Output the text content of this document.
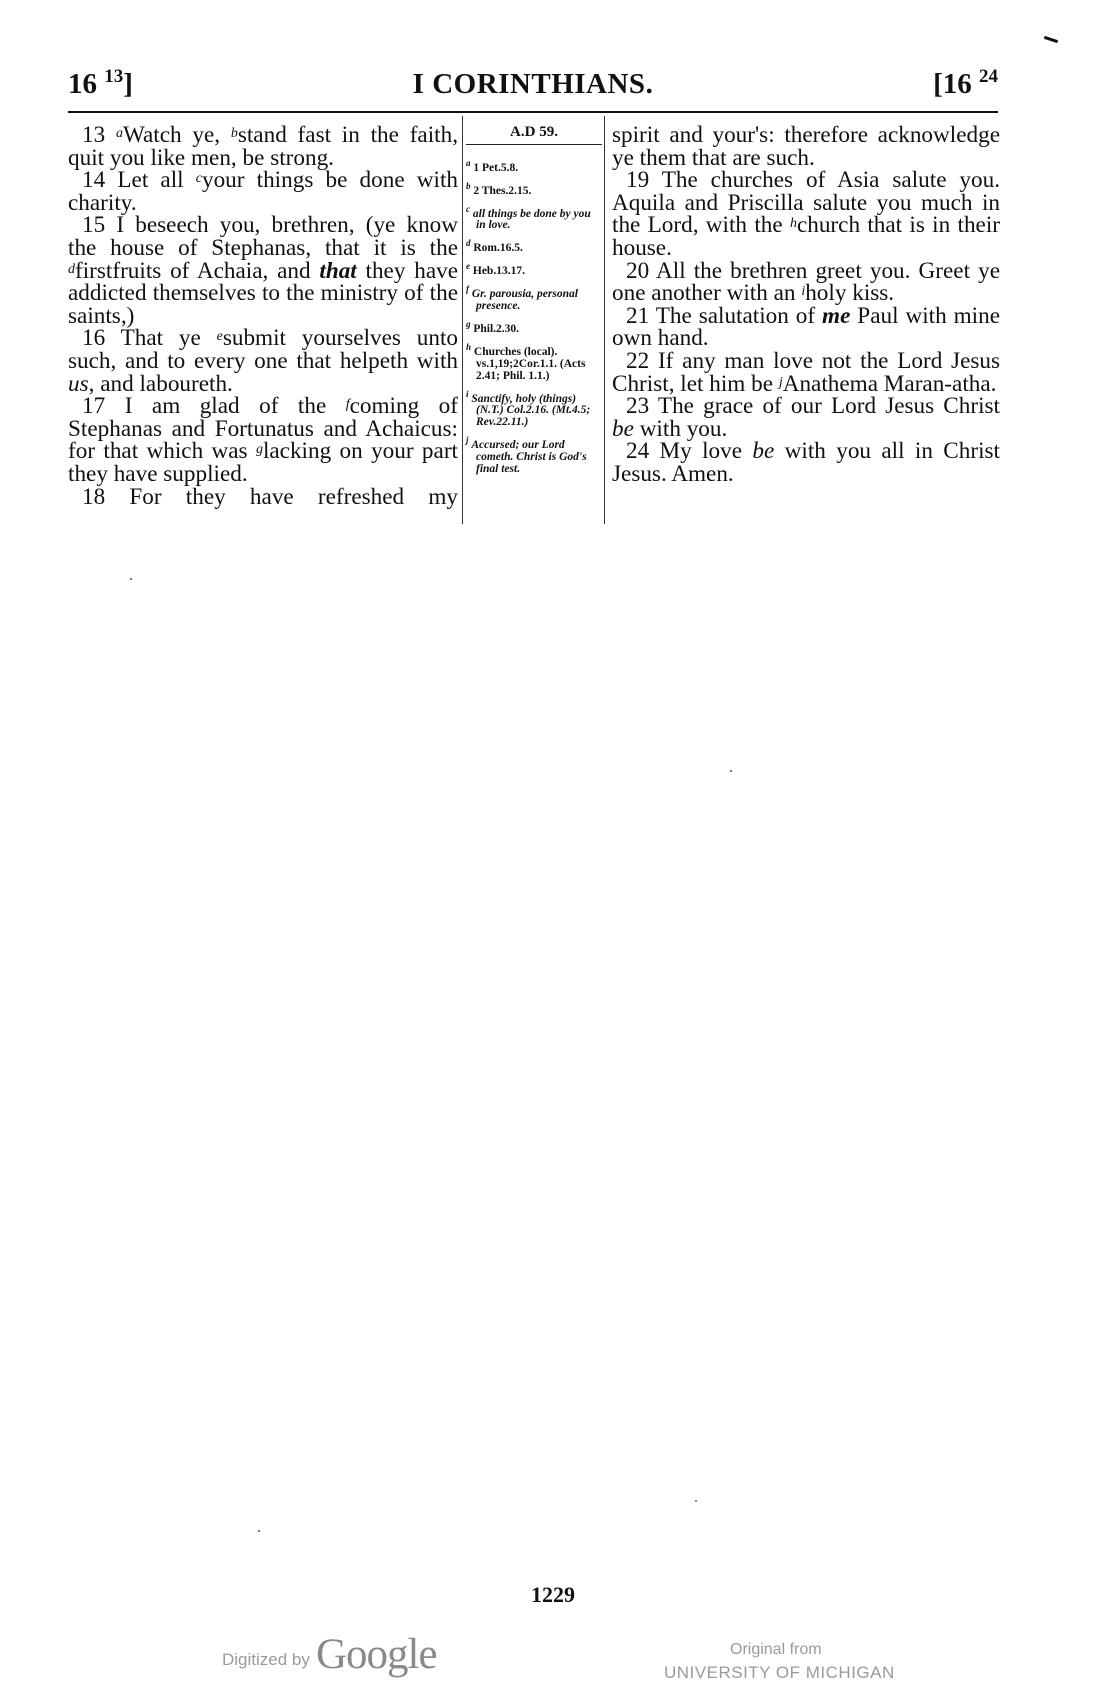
16 $^{13}$]	I CORINTHIANS.	[16 $^{24}$

13 $^a$Watch ye, $^b$stand fast in the faith, quit you like men, be strong.

14 Let all $^c$your things be done with charity.

15 I beseech you, brethren, (ye know the house of Stephanas, that it is the $^d$firstfruits of Achaia, and that they have addicted themselves to the ministry of the saints,)

16 That ye $^e$submit yourselves unto such, and to every one that helpeth with us, and laboureth.

17 I am glad of the $^f$coming of Stephanas and Fortunatus and Achaicus: for that which was $^g$lacking on your part they have supplied.

18 For they have refreshed my

A.D 59.
$^a$ 1 Pet.5.8.
$^b$ 2 Thes.2.15.
$^c$ all things be done by you in love.
$^d$ Rom.16.5.
$^e$ Heb.13.17.
$^f$ Gr. parousia, personal presence.
$^g$ Phil.2.30.
$^h$ Churches (local). vs.1,19;2Cor.1.1. (Acts 2.41; Phil. 1.1.)
$^i$ Sanctify, holy (things) (N.T.) Col.2.16. (Mt.4.5; Rev.22.11.)
$^j$ Accursed; our Lord cometh. Christ is God's final test.

spirit and your's: therefore acknowledge ye them that are such.

19 The churches of Asia salute you. Aquila and Priscilla salute you much in the Lord, with the $^h$church that is in their house.

20 All the brethren greet you. Greet ye one another with an $^i$holy kiss.

21 The salutation of me Paul with mine own hand.

22 If any man love not the Lord Jesus Christ, let him be $^j$Anathema Maran-atha.

23 The grace of our Lord Jesus Christ be with you.

24 My love be with you all in Christ Jesus. Amen.

1229
Digitized by Google	Original from
UNIVERSITY OF MICHIGAN
